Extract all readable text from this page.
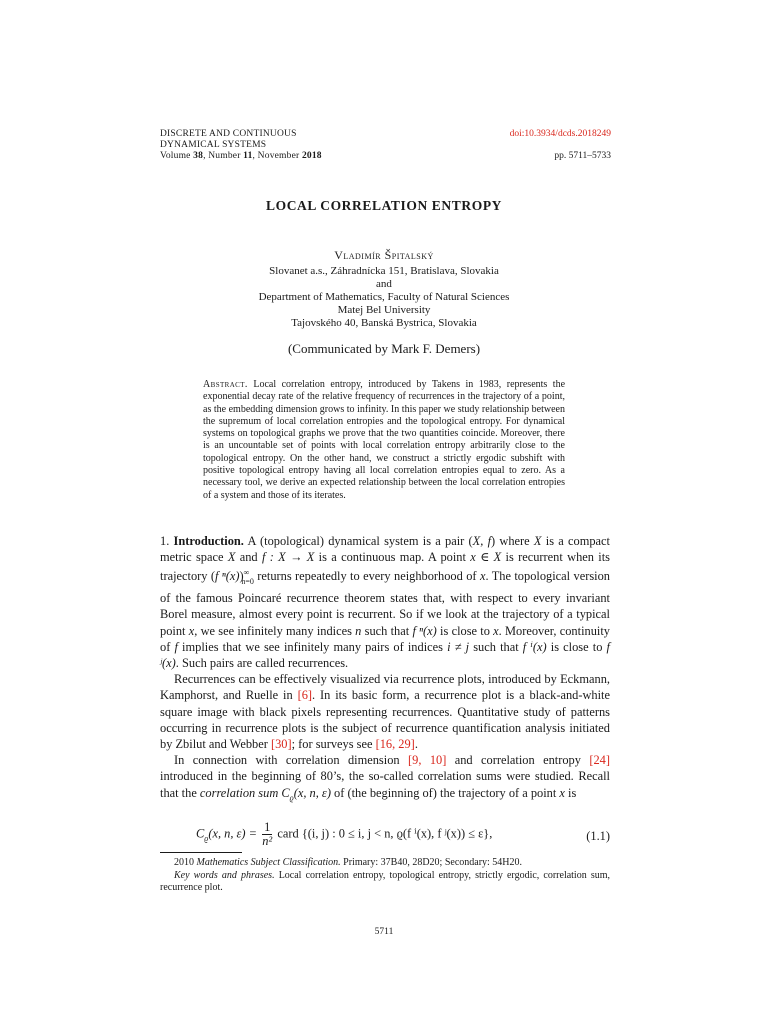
DISCRETE AND CONTINUOUS
DYNAMICAL SYSTEMS
Volume 38, Number 11, November 2018
doi:10.3934/dcds.2018249
pp. 5711–5733
LOCAL CORRELATION ENTROPY
Vladimír Špitalský
Slovanet a.s., Záhradnícka 151, Bratislava, Slovakia
and
Department of Mathematics, Faculty of Natural Sciences
Matej Bel University
Tajovského 40, Banská Bystrica, Slovakia
(Communicated by Mark F. Demers)
Abstract. Local correlation entropy, introduced by Takens in 1983, represents the exponential decay rate of the relative frequency of recurrences in the trajectory of a point, as the embedding dimension grows to infinity. In this paper we study relationship between the supremum of local correlation entropies and the topological entropy. For dynamical systems on topological graphs we prove that the two quantities coincide. Moreover, there is an uncountable set of points with local correlation entropy arbitrarily close to the topological entropy. On the other hand, we construct a strictly ergodic subshift with positive topological entropy having all local correlation entropies equal to zero. As a necessary tool, we derive an expected relationship between the local correlation entropies of a system and those of its iterates.

1. Introduction. A (topological) dynamical system is a pair (X, f) where X is a compact metric space X and f : X → X is a continuous map. A point x ∈ X is recurrent when its trajectory (f $^n(x))^\infty_{n=0}$ returns repeatedly to every neighborhood of x. The topological version of the famous Poincaré recurrence theorem states that, with respect to every invariant Borel measure, almost every point is recurrent. So if we look at the trajectory of a typical point x, we see infinitely many indices n such that f ⁿ(x) is close to x. Moreover, continuity of f implies that we see infinitely many pairs of indices i ≠ j such that f ⁱ(x) is close to f ʲ(x). Such pairs are called recurrences.

Recurrences can be effectively visualized via recurrence plots, introduced by Eckmann, Kamphorst, and Ruelle in [6]. In its basic form, a recurrence plot is a black-and-white square image with black pixels representing recurrences. Quantitative study of patterns occurring in recurrence plots is the subject of recurrence quantification analysis initiated by Zbilut and Webber [30]; for surveys see [16, 29].

In connection with correlation dimension [9, 10] and correlation entropy [24] introduced in the beginning of 80’s, the so-called correlation sums were studied. Recall that the correlation sum $C_ϱ(x$, n, ε) of (the beginning of) the trajectory of a point x is

$C_ϱ(x$, n, $\varepsilon) = \frac{1}{\text{n²}}$ card {(i, j) : 0 ≤ i, j < n, ϱ(f ⁱ(x), f ʲ(x)) ≤ ε},	(1.1)

2010 Mathematics Subject Classification. Primary: 37B40, 28D20; Secondary: 54H20.

Key words and phrases. Local correlation entropy, topological entropy, strictly ergodic, correlation sum, recurrence plot.

5711
